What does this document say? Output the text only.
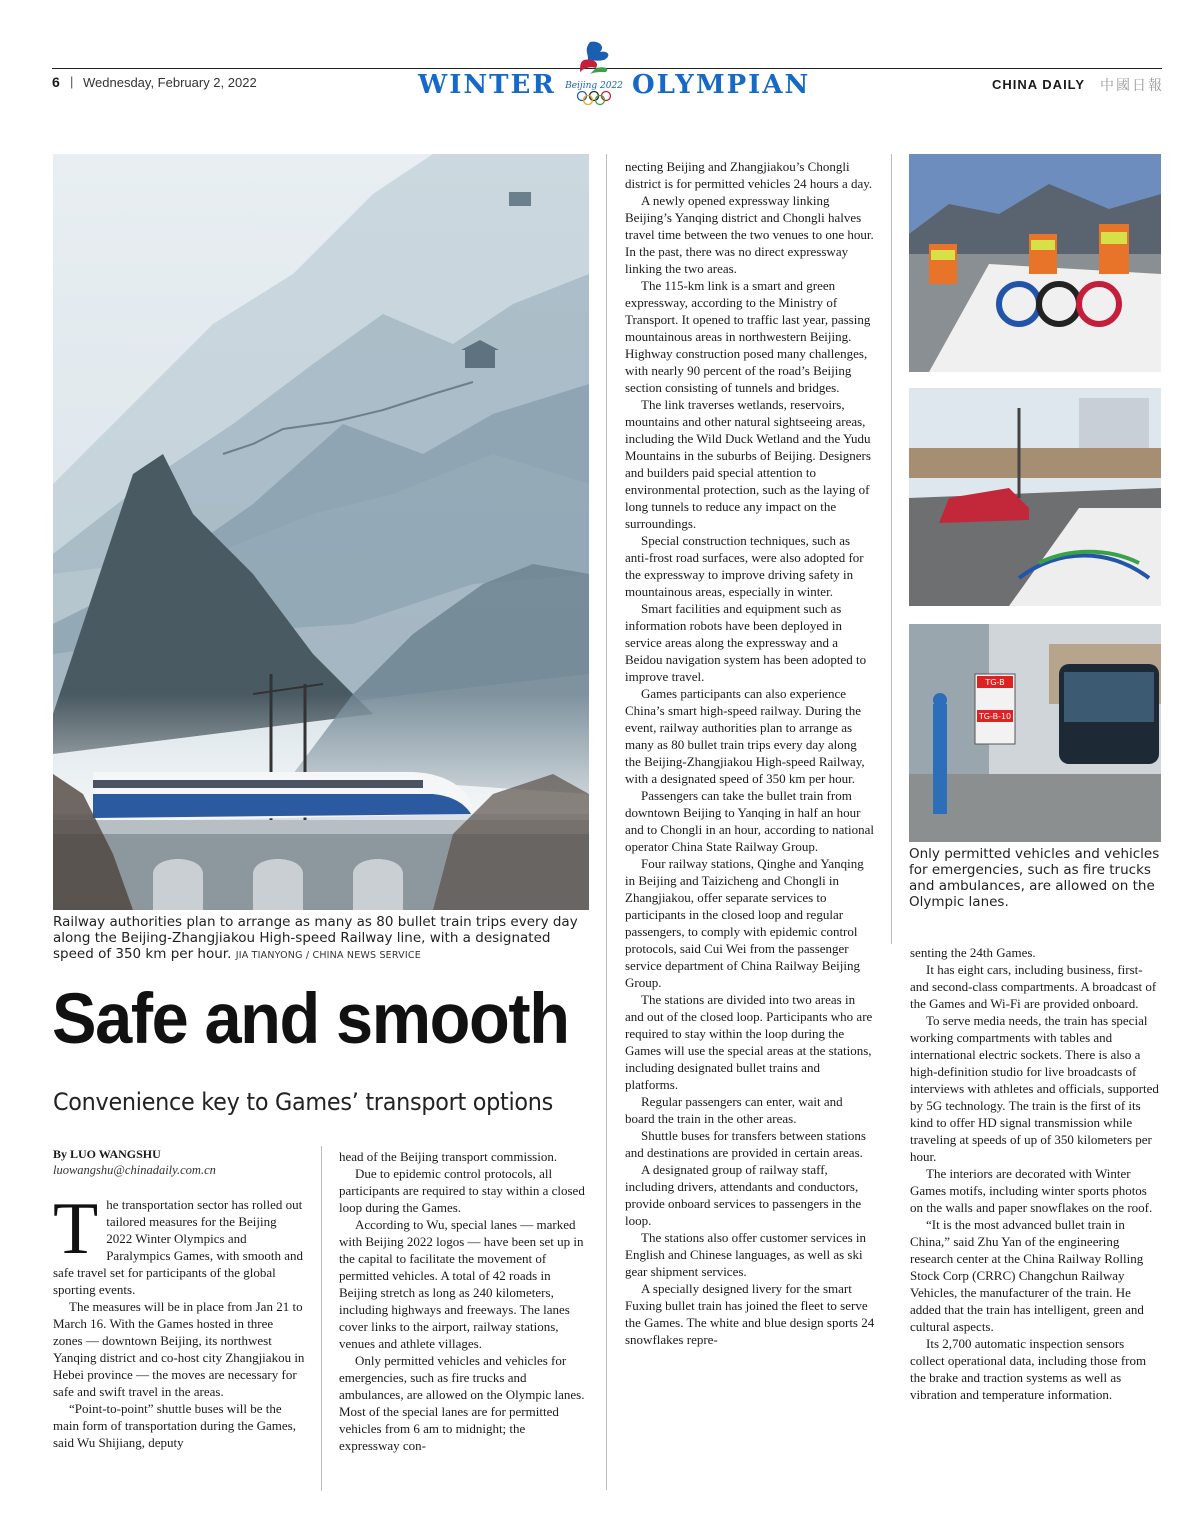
6 | Wednesday, February 2, 2022	WINTER Beijing 2022 OLYMPIAN	CHINA DAILY 中國日報
Railway authorities plan to arrange as many as 80 bullet train trips every day along the Beijing-Zhangjiakou High-speed Railway line, with a designated speed of 350 km per hour. JIA TIANYONG / CHINA NEWS SERVICE
TG-B
TG-B-10
Only permitted vehicles and vehicles for emergencies, such as fire trucks and ambulances, are allowed on the Olympic lanes.
Safe and smooth
Convenience key to Games’ transport options
By LUO WANGSHU
luowangshu@chinadaily.com.cn

The transportation sector has rolled out tailored measures for the Beijing 2022 Winter Olympics and Paralympics Games, with smooth and safe travel set for participants of the global sporting events.

The measures will be in place from Jan 21 to March 16. With the Games hosted in three zones — downtown Beijing, its northwest Yanqing district and co-host city Zhangjiakou in Hebei province — the moves are necessary for safe and swift travel in the areas.

“Point-to-point” shuttle buses will be the main form of transportation during the Games, said Wu Shijiang, deputy

head of the Beijing transport commission.

Due to epidemic control protocols, all participants are required to stay within a closed loop during the Games.

According to Wu, special lanes — marked with Beijing 2022 logos — have been set up in the capital to facilitate the movement of permitted vehicles. A total of 42 roads in Beijing stretch as long as 240 kilometers, including highways and freeways. The lanes cover links to the airport, railway stations, venues and athlete villages.

Only permitted vehicles and vehicles for emergencies, such as fire trucks and ambulances, are allowed on the Olympic lanes. Most of the special lanes are for permitted vehicles from 6 am to midnight; the expressway con-

necting Beijing and Zhangjiakou’s Chongli district is for permitted vehicles 24 hours a day.

A newly opened expressway linking Beijing’s Yanqing district and Chongli halves travel time between the two venues to one hour. In the past, there was no direct expressway linking the two areas.

The 115-km link is a smart and green expressway, according to the Ministry of Transport. It opened to traffic last year, passing mountainous areas in northwestern Beijing. Highway construction posed many challenges, with nearly 90 percent of the road’s Beijing section consisting of tunnels and bridges.

The link traverses wetlands, reservoirs, mountains and other natural sightseeing areas, including the Wild Duck Wetland and the Yudu Mountains in the suburbs of Beijing. Designers and builders paid special attention to environmental protection, such as the laying of long tunnels to reduce any impact on the surroundings.

Special construction techniques, such as anti-frost road surfaces, were also adopted for the expressway to improve driving safety in mountainous areas, especially in winter.

Smart facilities and equipment such as information robots have been deployed in service areas along the expressway and a Beidou navigation system has been adopted to improve travel.

Games participants can also experience China’s smart high-speed railway. During the event, railway authorities plan to arrange as many as 80 bullet train trips every day along the Beijing-Zhangjiakou High-speed Railway, with a designated speed of 350 km per hour.

Passengers can take the bullet train from downtown Beijing to Yanqing in half an hour and to Chongli in an hour, according to national operator China State Railway Group.

Four railway stations, Qinghe and Yanqing in Beijing and Taizicheng and Chongli in Zhangjiakou, offer separate services to participants in the closed loop and regular passengers, to comply with epidemic control protocols, said Cui Wei from the passenger service department of China Railway Beijing Group.

The stations are divided into two areas in and out of the closed loop. Participants who are required to stay within the loop during the Games will use the special areas at the stations, including designated bullet trains and platforms.

Regular passengers can enter, wait and board the train in the other areas.

Shuttle buses for transfers between stations and destinations are provided in certain areas.

A designated group of railway staff, including drivers, attendants and conductors, provide onboard services to passengers in the loop.

The stations also offer customer services in English and Chinese languages, as well as ski gear shipment services.

A specially designed livery for the smart Fuxing bullet train has joined the fleet to serve the Games. The white and blue design sports 24 snowflakes repre-

senting the 24th Games.

It has eight cars, including business, first- and second-class compartments. A broadcast of the Games and Wi-Fi are provided onboard.

To serve media needs, the train has special working compartments with tables and international electric sockets. There is also a high-definition studio for live broadcasts of interviews with athletes and officials, supported by 5G technology. The train is the first of its kind to offer HD signal transmission while traveling at speeds of up of 350 kilometers per hour.

The interiors are decorated with Winter Games motifs, including winter sports photos on the walls and paper snowflakes on the roof.

“It is the most advanced bullet train in China,” said Zhu Yan of the engineering research center at the China Railway Rolling Stock Corp (CRRC) Changchun Railway Vehicles, the manufacturer of the train. He added that the train has intelligent, green and cultural aspects.

Its 2,700 automatic inspection sensors collect operational data, including those from the brake and traction systems as well as vibration and temperature information.
